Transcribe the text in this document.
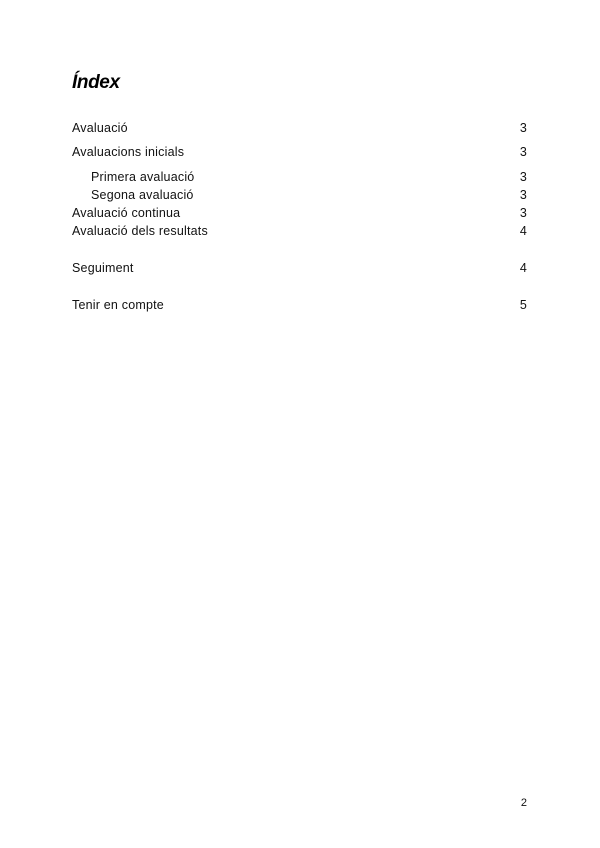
Índex
Avaluació	3
Avaluacions inicials	3
Primera avaluació	3
Segona avaluació	3
Avaluació continua	3
Avaluació dels resultats	4
Seguiment	4
Tenir en compte	5
2
